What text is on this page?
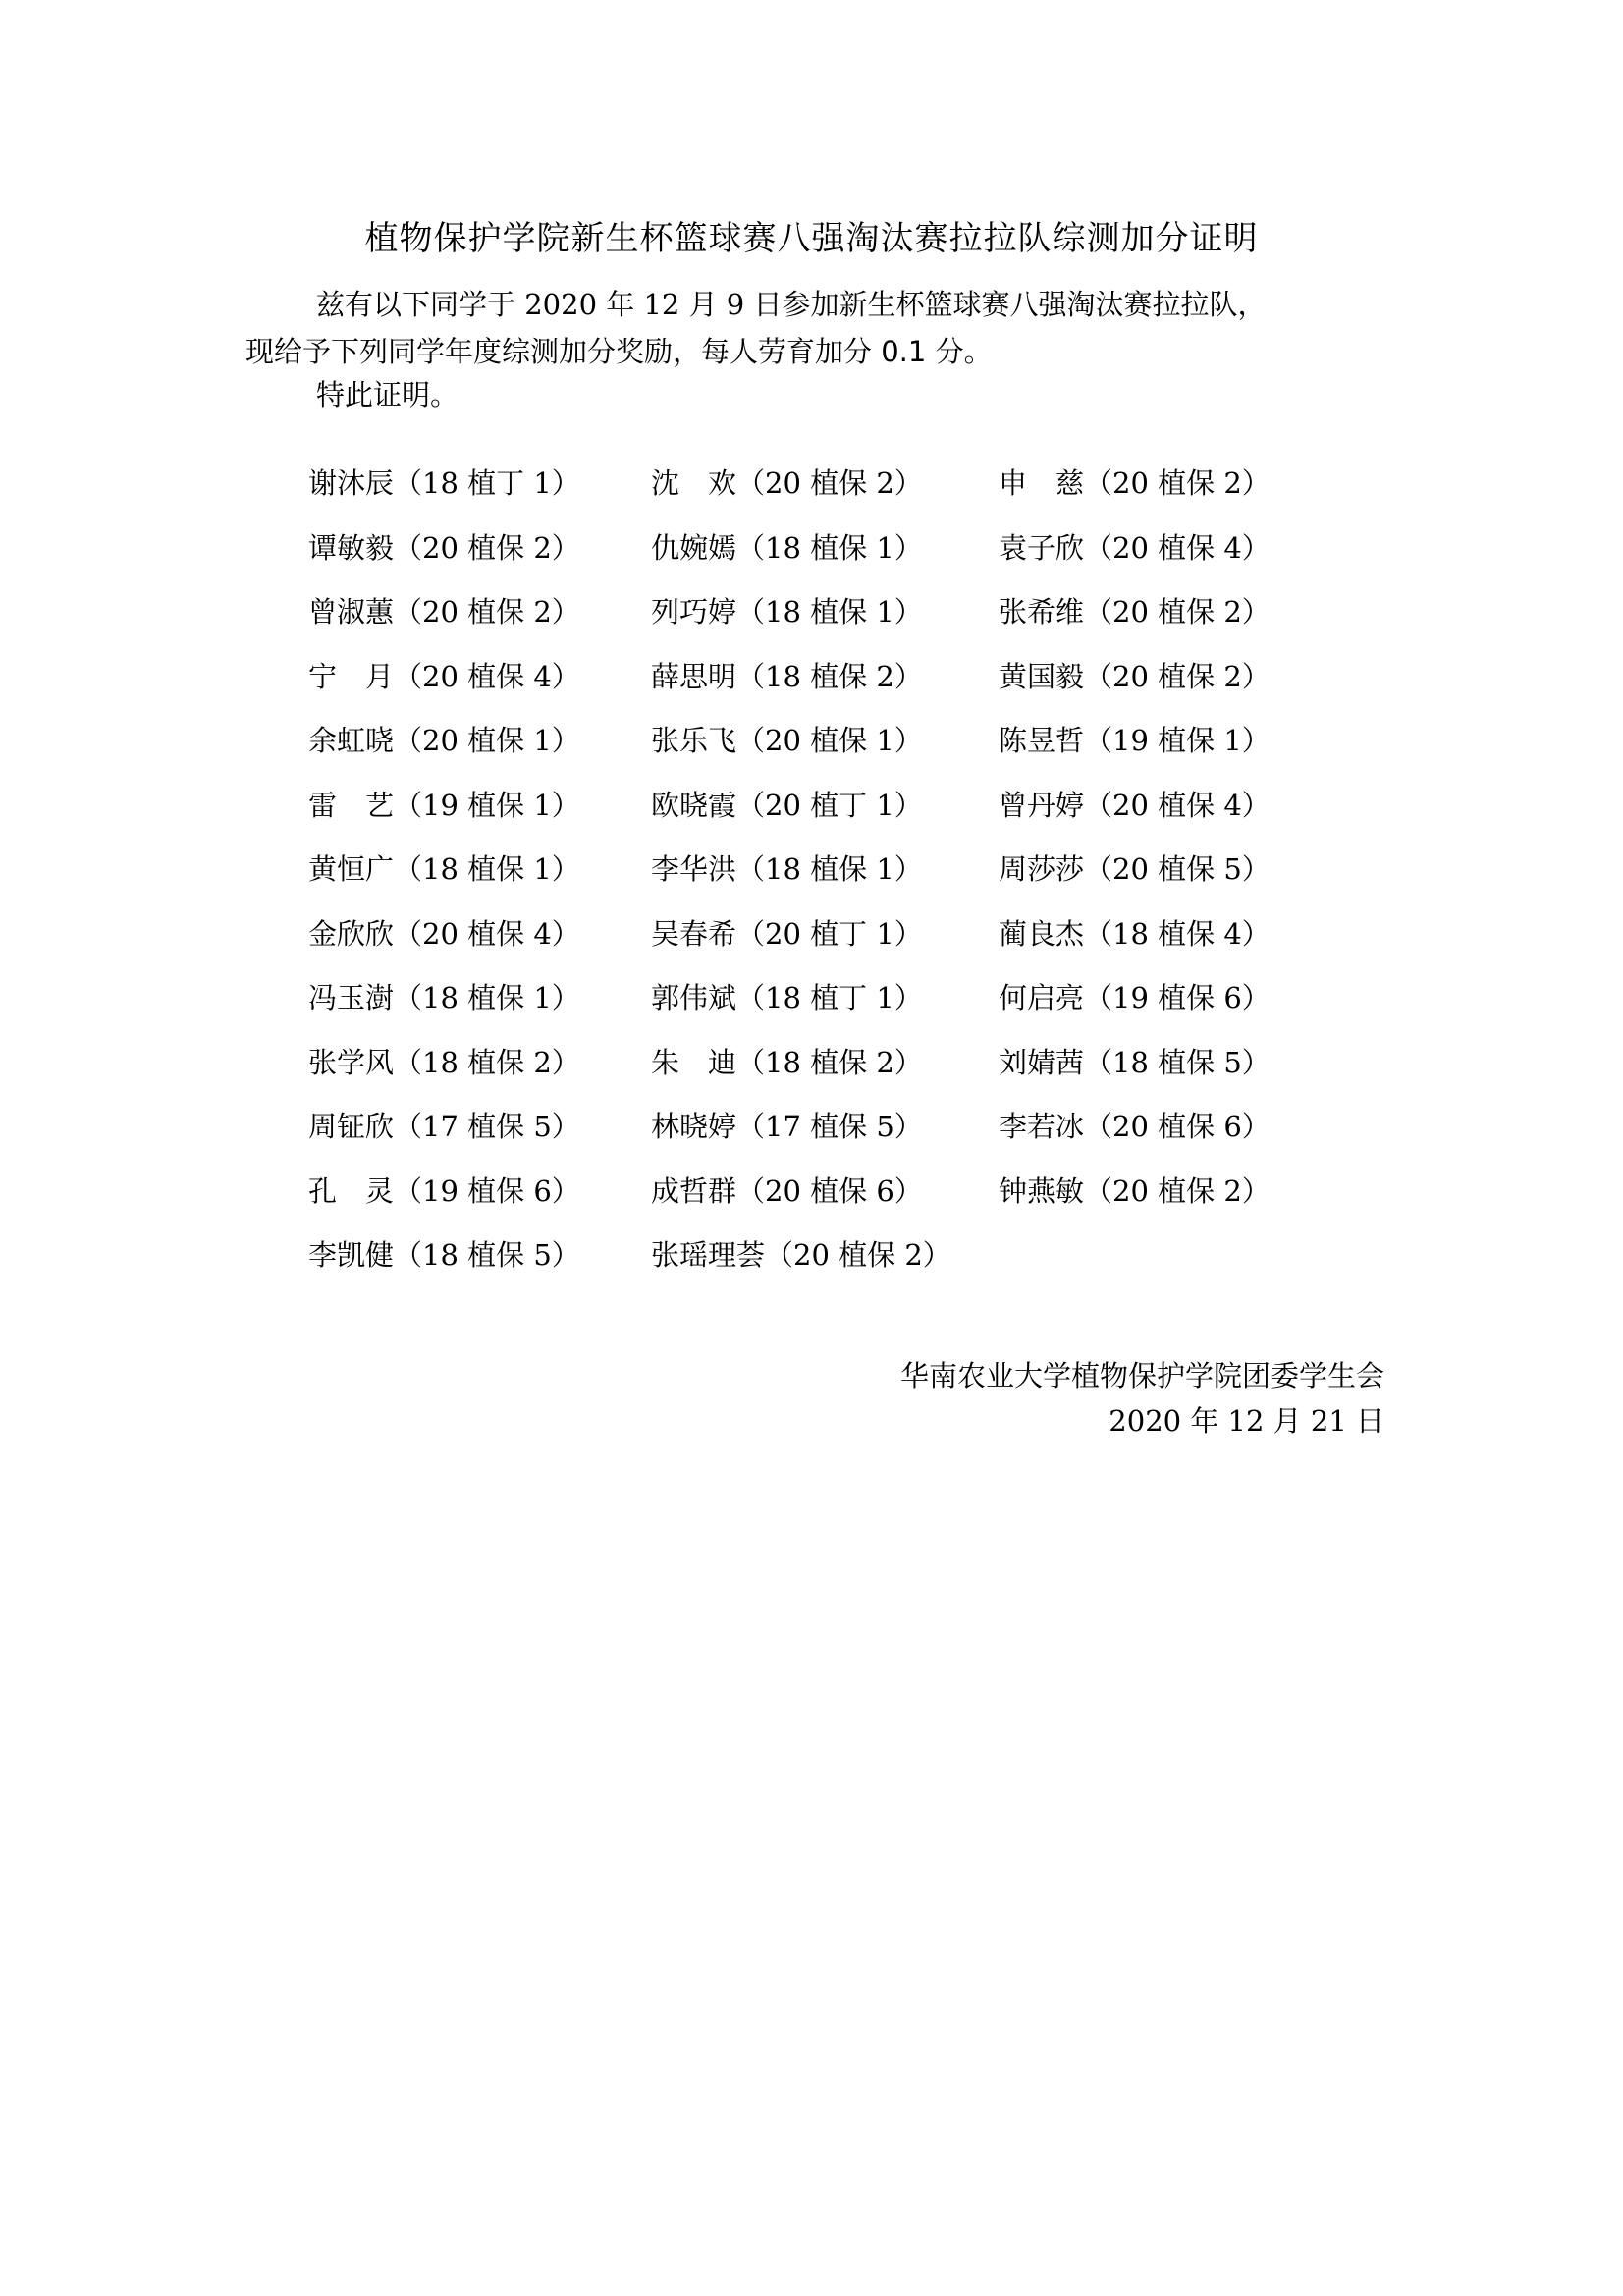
植物保护学院新生杯篮球赛八强淘汰赛拉拉队综测加分证明
兹有以下同学于 2020 年 12 月 9 日参加新生杯篮球赛八强淘汰赛拉拉队，
现给予下列同学年度综测加分奖励，每人劳育加分 0.1 分。
特此证明。
谢沐辰（18 植丁 1） 沈　欢（20 植保 2）	申　慈（20 植保 2）
谭敏毅（20 植保 2） 仇婉嫣（18 植保 1）	袁子欣（20 植保 4）
曾淑蕙（20 植保 2） 列巧婷（18 植保 1）	张希维（20 植保 2）
宁　月（20 植保 4） 薛思明（18 植保 2）	黄国毅（20 植保 2）
余虹晓（20 植保 1） 张乐飞（20 植保 1）	陈昱哲（19 植保 1）
雷　艺（19 植保 1） 欧晓霞（20 植丁 1）	曾丹婷（20 植保 4）
黄恒广（18 植保 1） 李华洪（18 植保 1）	周莎莎（20 植保 5）
金欣欣（20 植保 4） 吴春希（20 植丁 1）	蔺良杰（18 植保 4）
冯玉澍（18 植保 1） 郭伟斌（18 植丁 1）	何启亮（19 植保 6）
张学风（18 植保 2） 朱　迪（18 植保 2）	刘婧茜（18 植保 5）
周钲欣（17 植保 5） 林晓婷（17 植保 5）	李若冰（20 植保 6）
孔　灵（19 植保 6） 成哲群（20 植保 6）	钟燕敏（20 植保 2）
李凯健（18 植保 5） 张瑶理荟（20 植保 2）
华南农业大学植物保护学院团委学生会
2020 年 12 月 21 日
